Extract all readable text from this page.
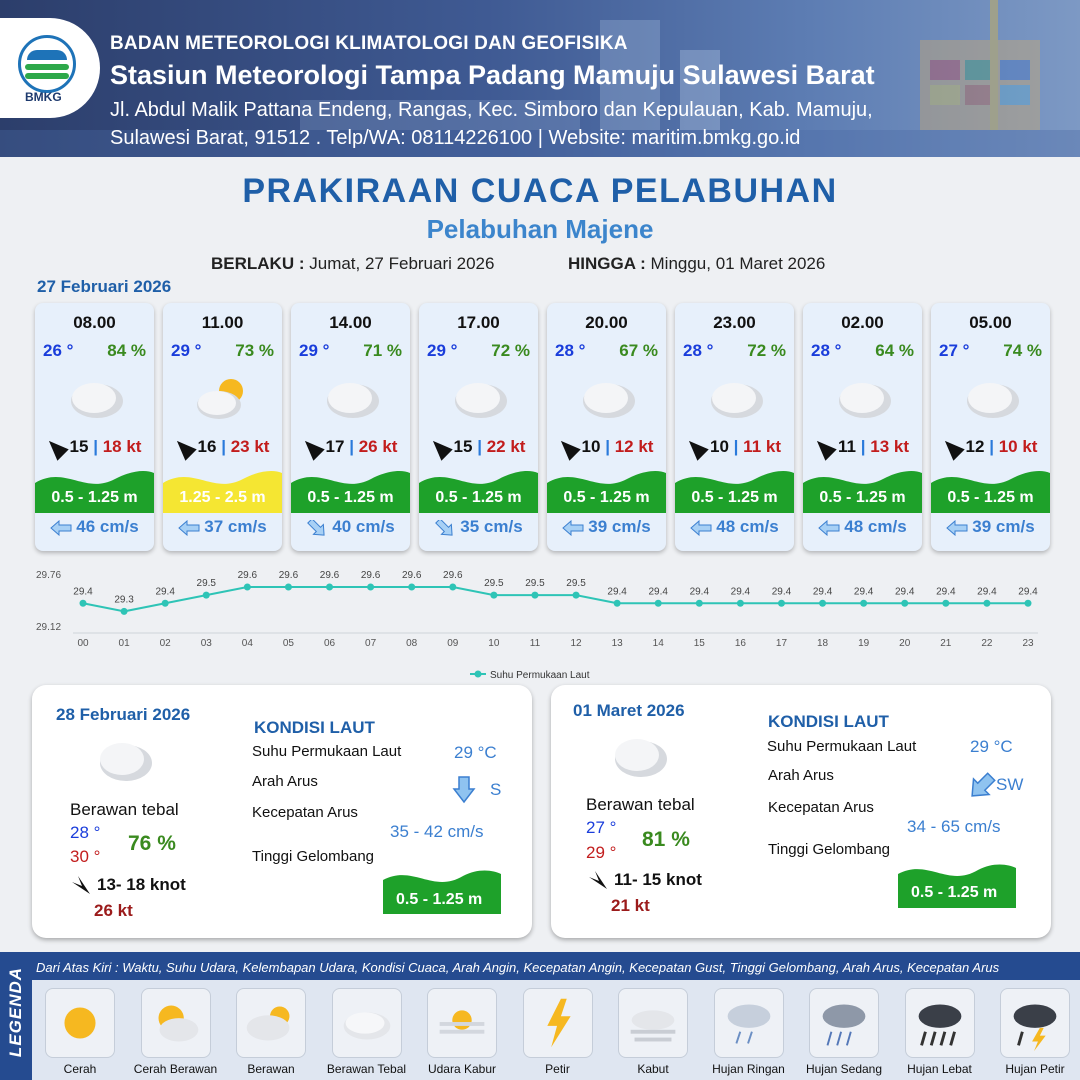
BMKG
BADAN METEOROLOGI KLIMATOLOGI DAN GEOFISIKA
Stasiun Meteorologi Tampa Padang Mamuju Sulawesi Barat
Jl. Abdul Malik Pattana Endeng, Rangas, Kec. Simboro dan Kepulauan, Kab. Mamuju,
Sulawesi Barat, 91512 . Telp/WA: 08114226100 | Website: maritim.bmkg.go.id
PRAKIRAAN CUACA PELABUHAN
Pelabuhan Majene
BERLAKU : Jumat, 27 Februari 2026	HINGGA : Minggu, 01 Maret 2026
27 Februari 2026
08.00
26 ° 84 %
15 | 18 kt
0.5 - 1.25 m
46 cm/s
11.00
29 ° 73 %
16 | 23 kt
1.25 - 2.5 m
37 cm/s
14.00
29 ° 71 %
17 | 26 kt
0.5 - 1.25 m
40 cm/s
17.00
29 ° 72 %
15 | 22 kt
0.5 - 1.25 m
35 cm/s
20.00
28 ° 67 %
10 | 12 kt
0.5 - 1.25 m
39 cm/s
23.00
28 ° 72 %
10 | 11 kt
0.5 - 1.25 m
48 cm/s
02.00
28 ° 64 %
11 | 13 kt
0.5 - 1.25 m
48 cm/s
05.00
27 ° 74 %
12 | 10 kt
0.5 - 1.25 m
39 cm/s
29.76
29.12
29.4
00
29.3
01
29.4
02
29.5
03
29.6
04
29.6
05
29.6
06
29.6
07
29.6
08
29.6
09
29.5
10
29.5
11
29.5
12
29.4
13
29.4
14
29.4
15
29.4
16
29.4
17
29.4
18
29.4
19
29.4
20
29.4
21
29.4
22
29.4
23
Suhu Permukaan Laut
28 Februari 2026
Berawan tebal
28 °
30 °
76 %
13- 18 knot
26 kt
KONDISI LAUT
Suhu Permukaan Laut	29 °C
Arah Arus	S
Kecepatan Arus
35 - 42 cm/s
Tinggi Gelombang
0.5 - 1.25 m
01 Maret 2026
Berawan tebal
27 °
29 °
81 %
11- 15 knot
21 kt
KONDISI LAUT
Suhu Permukaan Laut	29 °C
Arah Arus	SW
Kecepatan Arus
34 - 65 cm/s
Tinggi Gelombang
0.5 - 1.25 m
LEGENDA Dari Atas Kiri : Waktu, Suhu Udara, Kelembapan Udara, Kondisi Cuaca, Arah Angin, Kecepatan Angin, Kecepatan Gust, Tinggi Gelombang, Arah Arus, Kecepatan Arus
Cerah	Cerah Berawan	Berawan	Berawan Tebal	Udara Kabur	Petir	Kabut	Hujan Ringan	Hujan Sedang	Hujan Lebat	Hujan Petir
